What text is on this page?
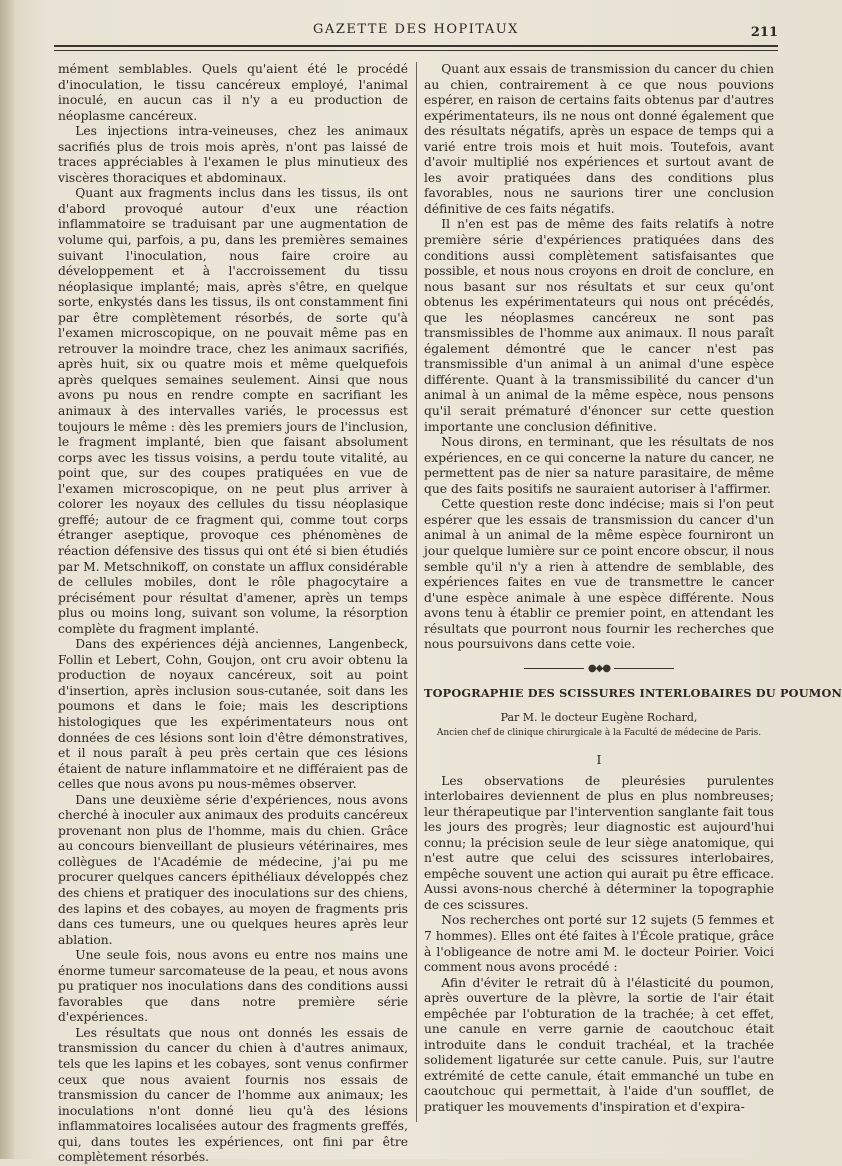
GAZETTE DES HOPITAUX	211

mément semblables. Quels qu'aient été le procédé d'inoculation, le tissu cancéreux employé, l'animal inoculé, en aucun cas il n'y a eu production de néoplasme cancéreux.

Les injections intra-veineuses, chez les animaux sacrifiés plus de trois mois après, n'ont pas laissé de traces appréciables à l'examen le plus minutieux des viscères thoraciques et abdominaux.

Quant aux fragments inclus dans les tissus, ils ont d'abord provoqué autour d'eux une réaction inflammatoire se traduisant par une augmentation de volume qui, parfois, a pu, dans les premières semaines suivant l'inoculation, nous faire croire au développement et à l'accroissement du tissu néoplasique implanté; mais, après s'être, en quelque sorte, enkystés dans les tissus, ils ont constamment fini par être complètement résorbés, de sorte qu'à l'examen microscopique, on ne pouvait même pas en retrouver la moindre trace, chez les animaux sacrifiés, après huit, six ou quatre mois et même quelquefois après quelques semaines seulement. Ainsi que nous avons pu nous en rendre compte en sacrifiant les animaux à des intervalles variés, le processus est toujours le même : dès les premiers jours de l'inclusion, le fragment implanté, bien que faisant absolument corps avec les tissus voisins, a perdu toute vitalité, au point que, sur des coupes pratiquées en vue de l'examen microscopique, on ne peut plus arriver à colorer les noyaux des cellules du tissu néoplasique greffé; autour de ce fragment qui, comme tout corps étranger aseptique, provoque ces phénomènes de réaction défensive des tissus qui ont été si bien étudiés par M. Metschnikoff, on constate un afflux considérable de cellules mobiles, dont le rôle phagocytaire a précisément pour résultat d'amener, après un temps plus ou moins long, suivant son volume, la résorption complète du fragment implanté.

Dans des expériences déjà anciennes, Langenbeck, Follin et Lebert, Cohn, Goujon, ont cru avoir obtenu la production de noyaux cancéreux, soit au point d'insertion, après inclusion sous-cutanée, soit dans les poumons et dans le foie; mais les descriptions histologiques que les expérimentateurs nous ont données de ces lésions sont loin d'être démonstratives, et il nous paraît à peu près certain que ces lésions étaient de nature inflammatoire et ne différaient pas de celles que nous avons pu nous-mêmes observer.

Dans une deuxième série d'expériences, nous avons cherché à inoculer aux animaux des produits cancéreux provenant non plus de l'homme, mais du chien. Grâce au concours bienveillant de plusieurs vétérinaires, mes collègues de l'Académie de médecine, j'ai pu me procurer quelques cancers épithéliaux développés chez des chiens et pratiquer des inoculations sur des chiens, des lapins et des cobayes, au moyen de fragments pris dans ces tumeurs, une ou quelques heures après leur ablation.

Une seule fois, nous avons eu entre nos mains une énorme tumeur sarcomateuse de la peau, et nous avons pu pratiquer nos inoculations dans des conditions aussi favorables que dans notre première série d'expériences.

Les résultats que nous ont donnés les essais de transmission du cancer du chien à d'autres animaux, tels que les lapins et les cobayes, sont venus confirmer ceux que nous avaient fournis nos essais de transmission du cancer de l'homme aux animaux; les inoculations n'ont donné lieu qu'à des lésions inflammatoires localisées autour des fragments greffés, qui, dans toutes les expériences, ont fini par être complètement résorbés.

Quant aux essais de transmission du cancer du chien au chien, contrairement à ce que nous pouvions espérer, en raison de certains faits obtenus par d'autres expérimentateurs, ils ne nous ont donné également que des résultats négatifs, après un espace de temps qui a varié entre trois mois et huit mois. Toutefois, avant d'avoir multiplié nos expériences et surtout avant de les avoir pratiquées dans des conditions plus favorables, nous ne saurions tirer une conclusion définitive de ces faits négatifs.

Il n'en est pas de même des faits relatifs à notre première série d'expériences pratiquées dans des conditions aussi complètement satisfaisantes que possible, et nous nous croyons en droit de conclure, en nous basant sur nos résultats et sur ceux qu'ont obtenus les expérimentateurs qui nous ont précédés, que les néoplasmes cancéreux ne sont pas transmissibles de l'homme aux animaux. Il nous paraît également démontré que le cancer n'est pas transmissible d'un animal à un animal d'une espèce différente. Quant à la transmissibilité du cancer d'un animal à un animal de la même espèce, nous pensons qu'il serait prématuré d'énoncer sur cette question importante une conclusion définitive.

Nous dirons, en terminant, que les résultats de nos expériences, en ce qui concerne la nature du cancer, ne permettent pas de nier sa nature parasitaire, de même que des faits positifs ne sauraient autoriser à l'affirmer.

Cette question reste donc indécise; mais si l'on peut espérer que les essais de transmission du cancer d'un animal à un animal de la même espèce fourniront un jour quelque lumière sur ce point encore obscur, il nous semble qu'il n'y a rien à attendre de semblable, des expériences faites en vue de transmettre le cancer d'une espèce animale à une espèce différente. Nous avons tenu à établir ce premier point, en attendant les résultats que pourront nous fournir les recherches que nous poursuivons dans cette voie.

●◆●
TOPOGRAPHIE DES SCISSURES INTERLOBAIRES DU POUMON
Par M. le docteur Eugène Rochard,
Ancien chef de clinique chirurgicale à la Faculté de médecine de Paris.
I

Les observations de pleurésies purulentes interlobaires deviennent de plus en plus nombreuses; leur thérapeutique par l'intervention sanglante fait tous les jours des progrès; leur diagnostic est aujourd'hui connu; la précision seule de leur siège anatomique, qui n'est autre que celui des scissures interlobaires, empêche souvent une action qui aurait pu être efficace. Aussi avons-nous cherché à déterminer la topographie de ces scissures.

Nos recherches ont porté sur 12 sujets (5 femmes et 7 hommes). Elles ont été faites à l'École pratique, grâce à l'obligeance de notre ami M. le docteur Poirier. Voici comment nous avons procédé :

Afin d'éviter le retrait dû à l'élasticité du poumon, après ouverture de la plèvre, la sortie de l'air était empêchée par l'obturation de la trachée; à cet effet, une canule en verre garnie de caoutchouc était introduite dans le conduit trachéal, et la trachée solidement ligaturée sur cette canule. Puis, sur l'autre extrémité de cette canule, était emmanché un tube en caoutchouc qui permettait, à l'aide d'un soufflet, de pratiquer les mouvements d'inspiration et d'expira-
